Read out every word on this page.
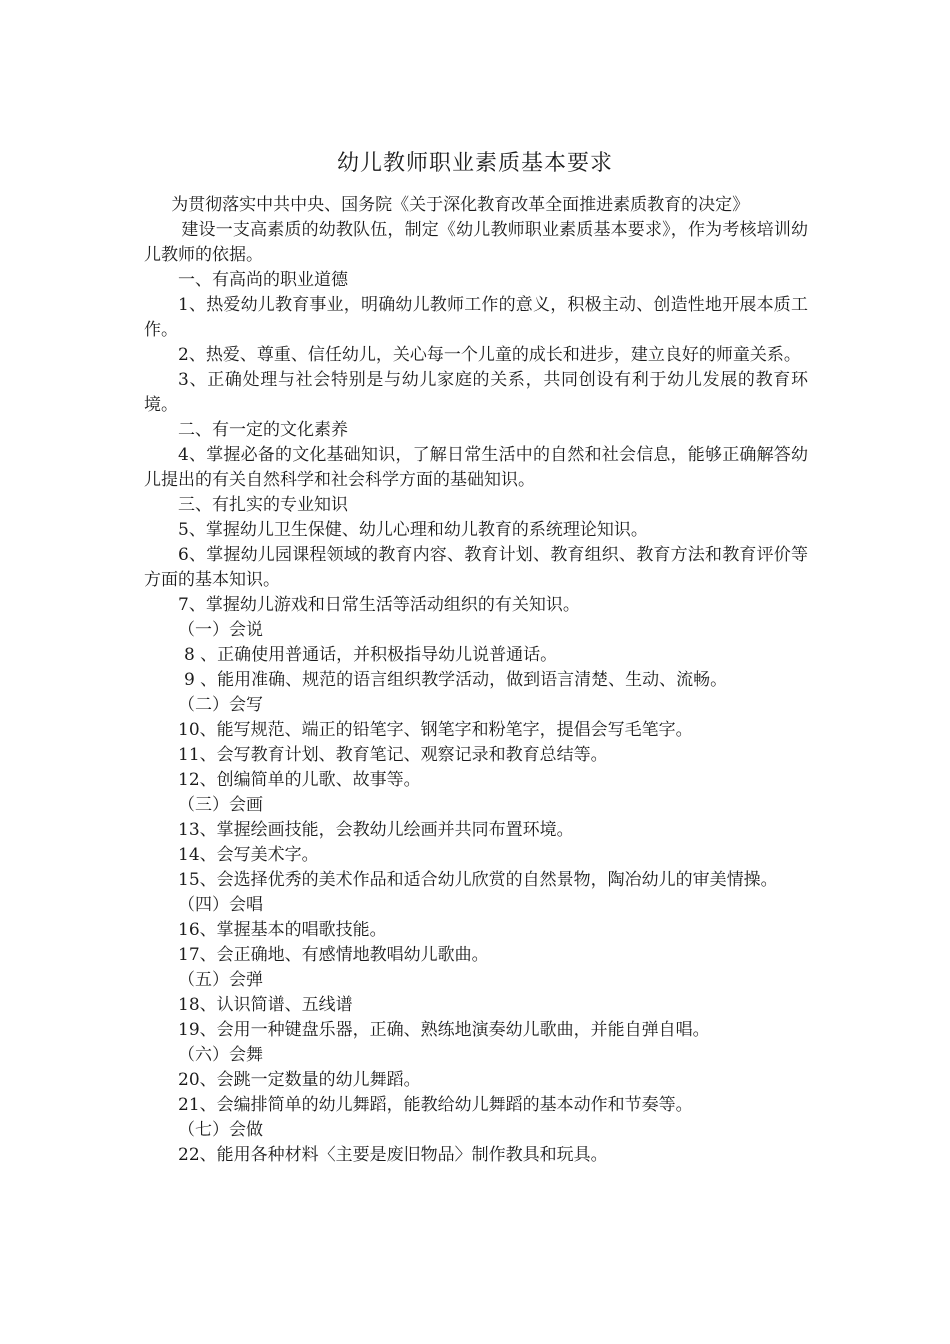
幼儿教师职业素质基本要求

为贯彻落实中共中央、国务院《关于深化教育改革全面推进素质教育的决定》

建设一支高素质的幼教队伍，制定《幼儿教师职业素质基本要求》，作为考核培训幼儿教师的依据。

一、有高尚的职业道德

1、热爱幼儿教育事业，明确幼儿教师工作的意义，积极主动、创造性地开展本质工作。

2、热爱、尊重、信任幼儿，关心每一个儿童的成长和进步，建立良好的师童关系。

3、正确处理与社会特别是与幼儿家庭的关系，共同创设有利于幼儿发展的教育环境。

二、有一定的文化素养

4、掌握必备的文化基础知识，了解日常生活中的自然和社会信息，能够正确解答幼儿提出的有关自然科学和社会科学方面的基础知识。

三、有扎实的专业知识

5、掌握幼儿卫生保健、幼儿心理和幼儿教育的系统理论知识。

6、掌握幼儿园课程领域的教育内容、教育计划、教育组织、教育方法和教育评价等方面的基本知识。

7、掌握幼儿游戏和日常生活等活动组织的有关知识。

（一）会说

8 、正确使用普通话，并积极指导幼儿说普通话。

9 、能用准确、规范的语言组织教学活动，做到语言清楚、生动、流畅。

（二）会写

10、能写规范、端正的铅笔字、钢笔字和粉笔字，提倡会写毛笔字。

11、会写教育计划、教育笔记、观察记录和教育总结等。

12、创编简单的儿歌、故事等。

（三）会画

13、掌握绘画技能，会教幼儿绘画并共同布置环境。

14、会写美术字。

15、会选择优秀的美术作品和适合幼儿欣赏的自然景物，陶冶幼儿的审美情操。

（四）会唱

16、掌握基本的唱歌技能。

17、会正确地、有感情地教唱幼儿歌曲。

（五）会弹

18、认识简谱、五线谱

19、会用一种键盘乐器，正确、熟练地演奏幼儿歌曲，并能自弹自唱。

（六）会舞

20、会跳一定数量的幼儿舞蹈。

21、会编排简单的幼儿舞蹈，能教给幼儿舞蹈的基本动作和节奏等。

（七）会做

22、能用各种材料〈主要是废旧物品〉制作教具和玩具。
